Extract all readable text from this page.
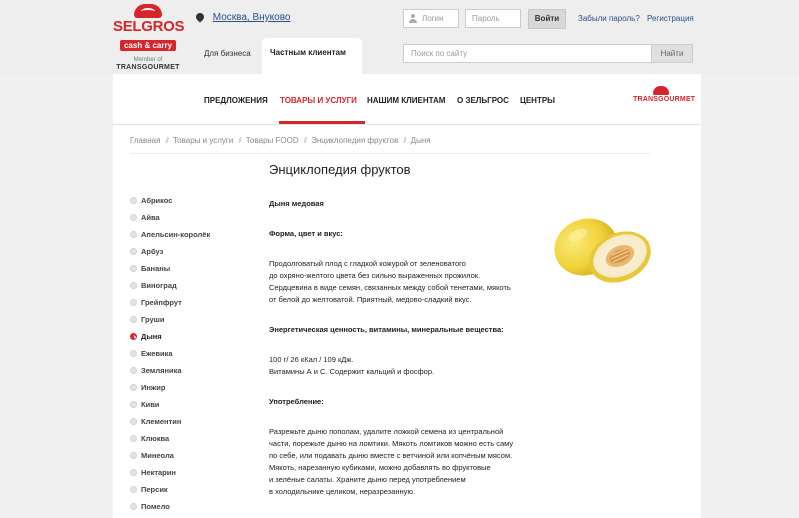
SELGROS
cash & carry
Member of
TRANSGOURMET
Москва, Внуково	Логин	Пароль	Войти	Забыли пароль? Регистрация
Для бизнеса	Частным клиентам	Поиск по сайту	Найти
ПРЕДЛОЖЕНИЯ ТОВАРЫ И УСЛУГИ НАШИМ КЛИЕНТАМ О ЗЕЛЬГРОС ЦЕНТРЫ	TRANSGOURMET
Главная // Товары и услуги // Товары FOOD // Энциклопедия фруктов // Дыня
Энциклопедия фруктов
Абрикос
Айва
Апельсин-королёк
Арбуз
Бананы
Виноград
Грейпфрут
Груши
Дыня
Ежевика
Земляника
Инжир
Киви
Клементин
Клюква
Минеола
Нектарин
Персик
Помело
Дыня медовая
Форма, цвет и вкус:
Продолговатый плод с гладкой кожурой от зеленоватого
до охряно-желтого цвета без сильно выраженных прожилок.
Сердцевина в виде семян, связанных между собой тенетами, мякоть
от белой до желтоватой. Приятный, медово-сладкий вкус.
Энергетическая ценность, витамины, минеральные вещества:
100 г/ 26 кКал / 109 кДж.
Витамины А и С. Содержит кальций и фосфор.
Употребление:
Разрежьте дыню пополам, удалите ложкой семена из центральной
части, порежьте дыню на ломтики. Мякоть ломтиков можно есть саму
по себе, или подавать дыню вместе с ветчиной или копчёным мясом.
Мякоть, нарезанную кубиками, можно добавлять во фруктовые
и зелёные салаты. Храните дыню перед употреблением
в холодильнике целиком, неразрезанную.
